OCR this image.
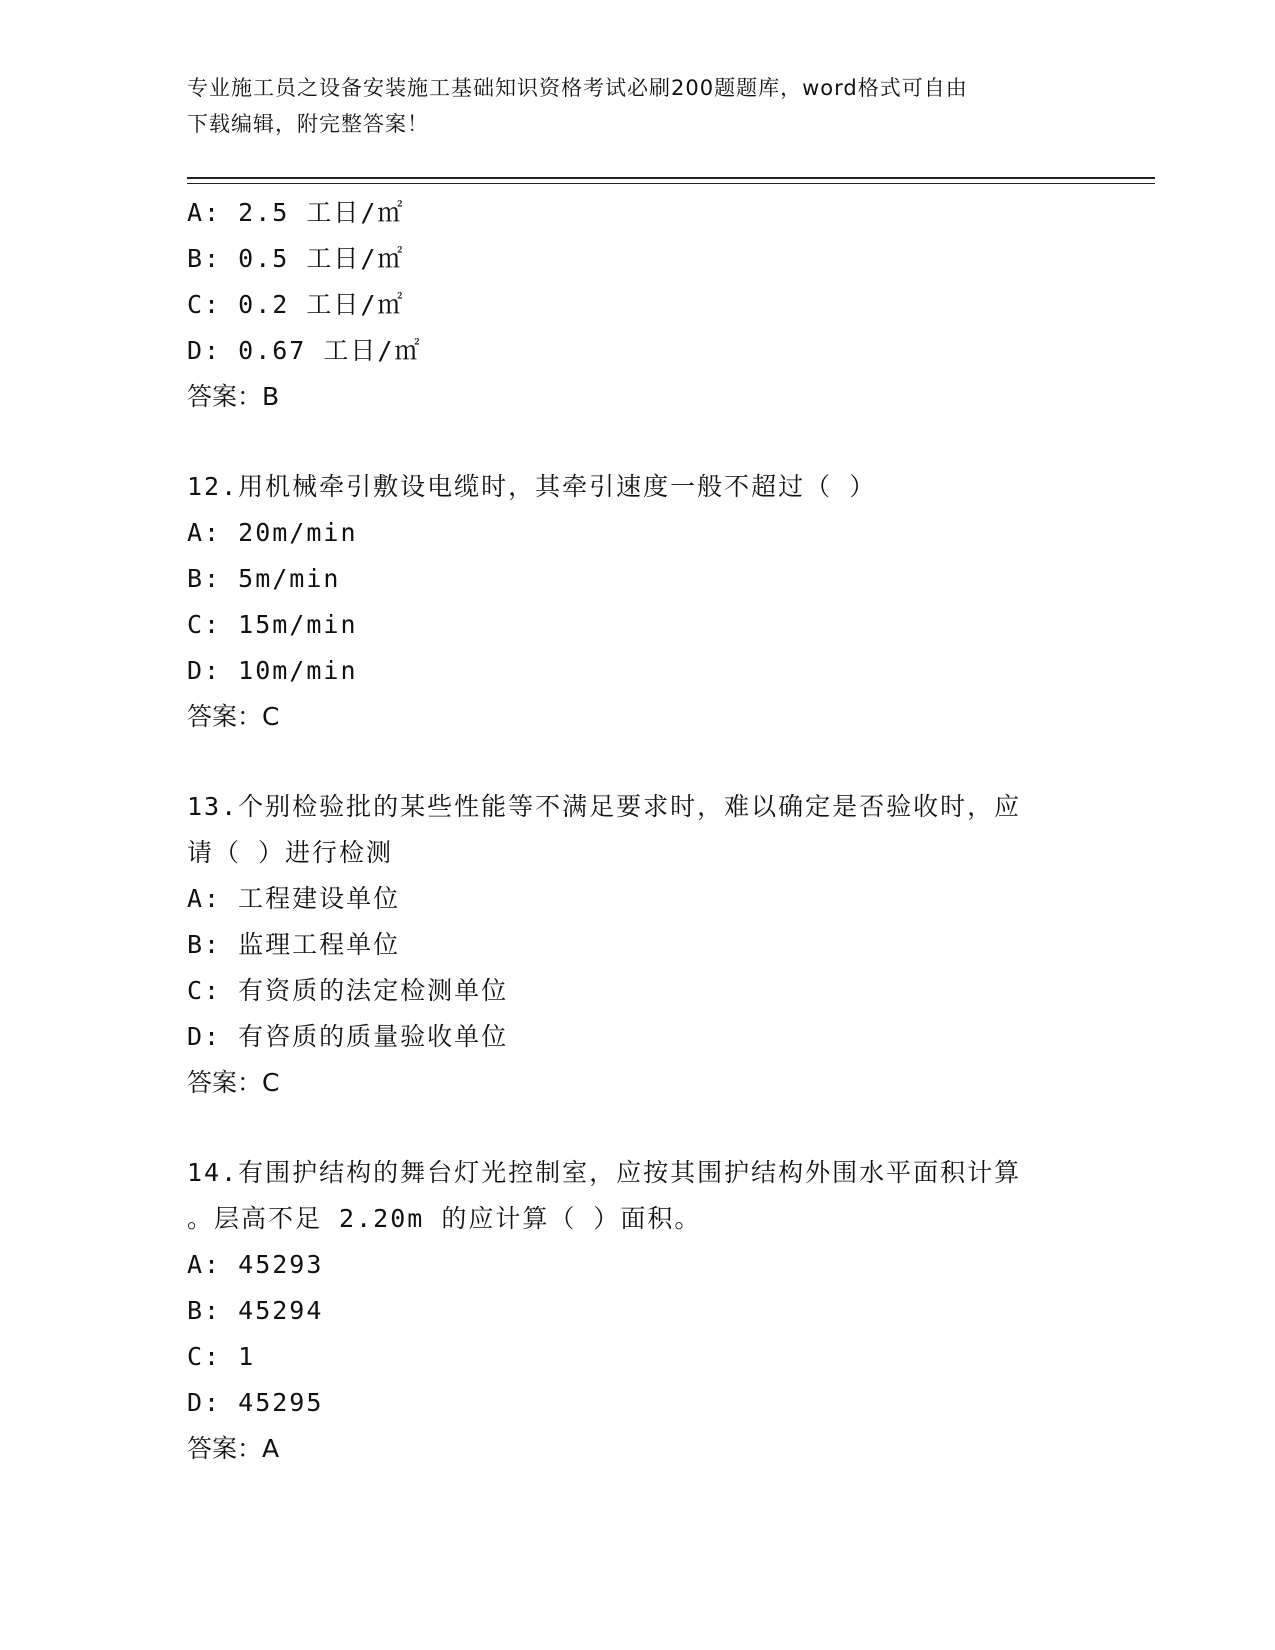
专业施工员之设备安装施工基础知识资格考试必刷200题题库，word格式可自由
下载编辑，附完整答案！
A: 2.5 工日/㎡
B: 0.5 工日/㎡
C: 0.2 工日/㎡
D: 0.67 工日/㎡
答案：B
12.用机械牵引敷设电缆时，其牵引速度一般不超过（ ）
A: 20m/min
B: 5m/min
C: 15m/min
D: 10m/min
答案：C
13.个别检验批的某些性能等不满足要求时，难以确定是否验收时，应
请（ ）进行检测
A: 工程建设单位
B: 监理工程单位
C: 有资质的法定检测单位
D: 有咨质的质量验收单位
答案：C
14.有围护结构的舞台灯光控制室，应按其围护结构外围水平面积计算
。层高不足 2.20m 的应计算（ ）面积。
A: 45293
B: 45294
C: 1
D: 45295
答案：A
